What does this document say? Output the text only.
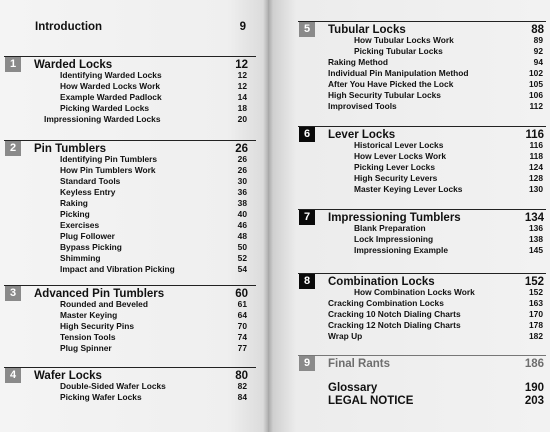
Introduction	9
1	Warded Locks	12
Identifying Warded Locks	12
How Warded Locks Work	12
Example Warded Padlock	14
Picking Warded Locks	18
Impressioning Warded Locks	20
2	Pin Tumblers	26
Identifying Pin Tumblers	26
How Pin Tumblers Work	26
Standard Tools	30
Keyless Entry	36
Raking	38
Picking	40
Exercises	46
Plug Follower	48
Bypass Picking	50
Shimming	52
Impact and Vibration Picking	54
3	Advanced Pin Tumblers	60
Rounded and Beveled	61
Master Keying	64
High Security Pins	70
Tension Tools	74
Plug Spinner	77
4	Wafer Locks	80
Double-Sided Wafer Locks	82
Picking Wafer Locks	84
5	Tubular Locks	88
How Tubular Locks Work	89
Picking Tubular Locks	92
Raking Method	94
Individual Pin Manipulation Method	102
After You Have Picked the Lock	105
High Security Tubular Locks	106
Improvised Tools	112
6	Lever Locks	116
Historical Lever Locks	116
How Lever Locks Work	118
Picking Lever Locks	124
High Security Levers	128
Master Keying Lever Locks	130
7	Impressioning Tumblers	134
Blank Preparation	136
Lock Impressioning	138
Impressioning Example	145
8	Combination Locks	152
How Combination Locks Work	152
Cracking Combination Locks	163
Cracking 10 Notch Dialing Charts	170
Cracking 12 Notch Dialing Charts	178
Wrap Up	182
9	Final Rants	186
Glossary	190
LEGAL NOTICE	203
